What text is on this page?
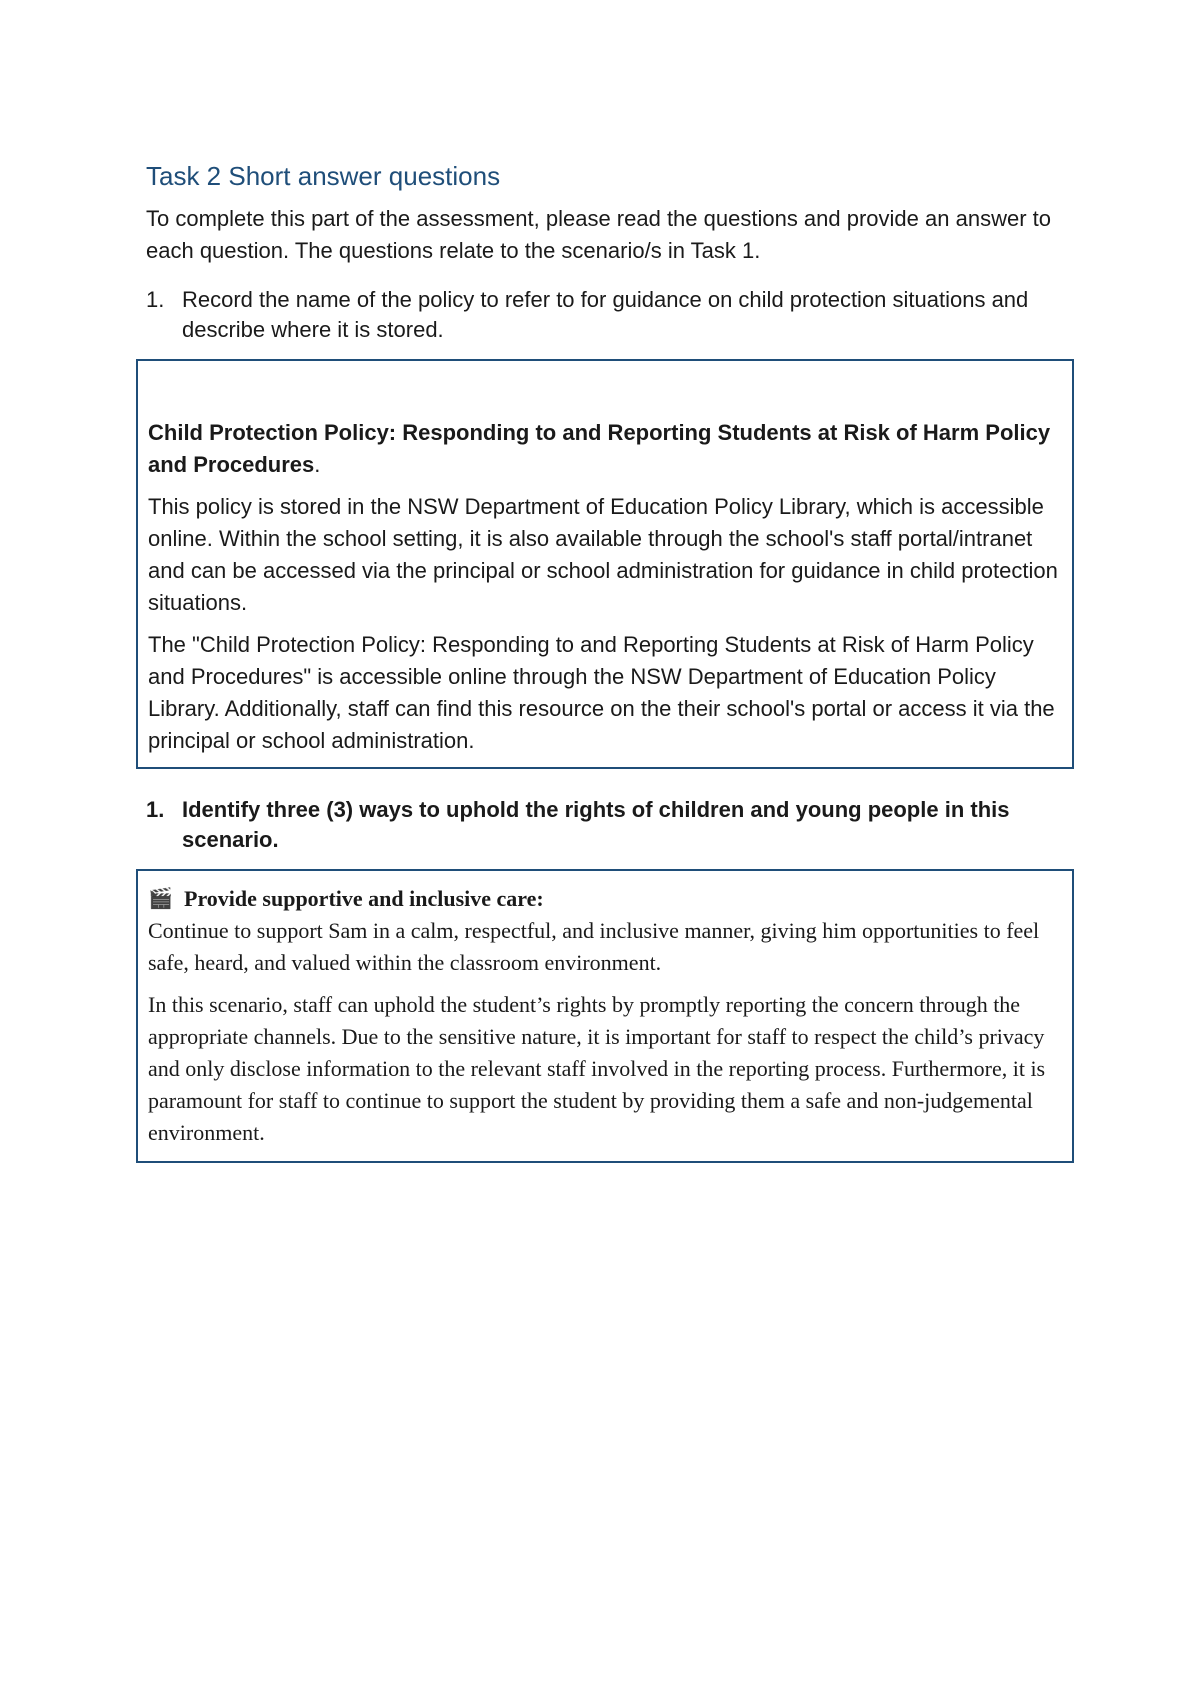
Task 2 Short answer questions

To complete this part of the assessment, please read the questions and provide an answer to each question. The questions relate to the scenario/s in Task 1.

1. Record the name of the policy to refer to for guidance on child protection situations and describe where it is stored.

Child Protection Policy: Responding to and Reporting Students at Risk of Harm Policy and Procedures.

This policy is stored in the NSW Department of Education Policy Library, which is accessible online. Within the school setting, it is also available through the school's staff portal/intranet and can be accessed via the principal or school administration for guidance in child protection situations.

The "Child Protection Policy: Responding to and Reporting Students at Risk of Harm Policy and Procedures" is accessible online through the NSW Department of Education Policy Library. Additionally, staff can find this resource on the their school's portal or access it via the principal or school administration.

1. Identify three (3) ways to uphold the rights of children and young people in this scenario.
🎬 Provide supportive and inclusive care:

Continue to support Sam in a calm, respectful, and inclusive manner, giving him opportunities to feel safe, heard, and valued within the classroom environment.

In this scenario, staff can uphold the student’s rights by promptly reporting the concern through the appropriate channels. Due to the sensitive nature, it is important for staff to respect the child’s privacy and only disclose information to the relevant staff involved in the reporting process. Furthermore, it is paramount for staff to continue to support the student by providing them a safe and non-judgemental environment.
